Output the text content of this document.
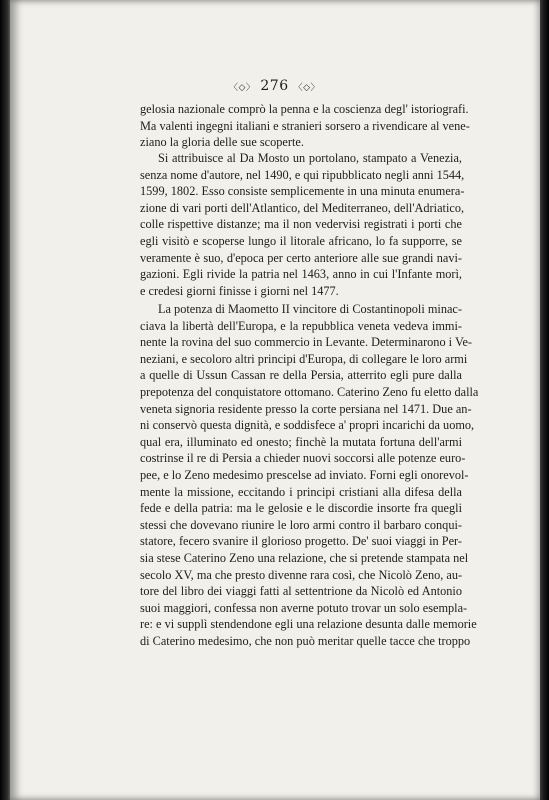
〈◇〉 276 〈◇〉
gelosia nazionale comprò la penna e la coscienza degl' istoriografi.
Ma valenti ingegni italiani e stranieri sorsero a rivendicare al vene-
ziano la gloria delle sue scoperte.
Si attribuisce al Da Mosto un portolano, stampato a Venezia,
senza nome d'autore, nel 1490, e qui ripubblicato negli anni 1544,
1599, 1802. Esso consiste semplicemente in una minuta enumera-
zione di vari porti dell'Atlantico, del Mediterraneo, dell'Adriatico,
colle rispettive distanze; ma il non vedervisi registrati i porti che
egli visitò e scoperse lungo il litorale africano, lo fa supporre, se
veramente è suo, d'epoca per certo anteriore alle sue grandi navi-
gazioni. Egli rivide la patria nel 1463, anno in cui l'Infante morì,
e credesi giorni finisse i giorni nel 1477.
La potenza di Maometto II vincitore di Costantinopoli minac-
ciava la libertà dell'Europa, e la repubblica veneta vedeva immi-
nente la rovina del suo commercio in Levante. Determinarono i Ve-
neziani, e secoloro altri principi d'Europa, di collegare le loro armi
a quelle di Ussun Cassan re della Persia, atterrito egli pure dalla
prepotenza del conquistatore ottomano. Caterino Zeno fu eletto dalla
veneta signoria residente presso la corte persiana nel 1471. Due an-
ni conservò questa dignità, e soddisfece a' propri incarichi da uomo,
qual era, illuminato ed onesto; finchè la mutata fortuna dell'armi
costrinse il re di Persia a chieder nuovi soccorsi alle potenze euro-
pee, e lo Zeno medesimo prescelse ad inviato. Forni egli onorevol-
mente la missione, eccitando i principi cristiani alla difesa della
fede e della patria: ma le gelosie e le discordie insorte fra quegli
stessi che dovevano riunire le loro armi contro il barbaro conqui-
statore, fecero svanire il glorioso progetto. De' suoi viaggi in Per-
sia stese Caterino Zeno una relazione, che si pretende stampata nel
secolo XV, ma che presto divenne rara così, che Nicolò Zeno, au-
tore del libro dei viaggi fatti al settentrione da Nicolò ed Antonio
suoi maggiori, confessa non averne potuto trovar un solo esempla-
re: e vi supplì stendendone egli una relazione desunta dalle memorie
di Caterino medesimo, che non può meritar quelle tacce che troppo
